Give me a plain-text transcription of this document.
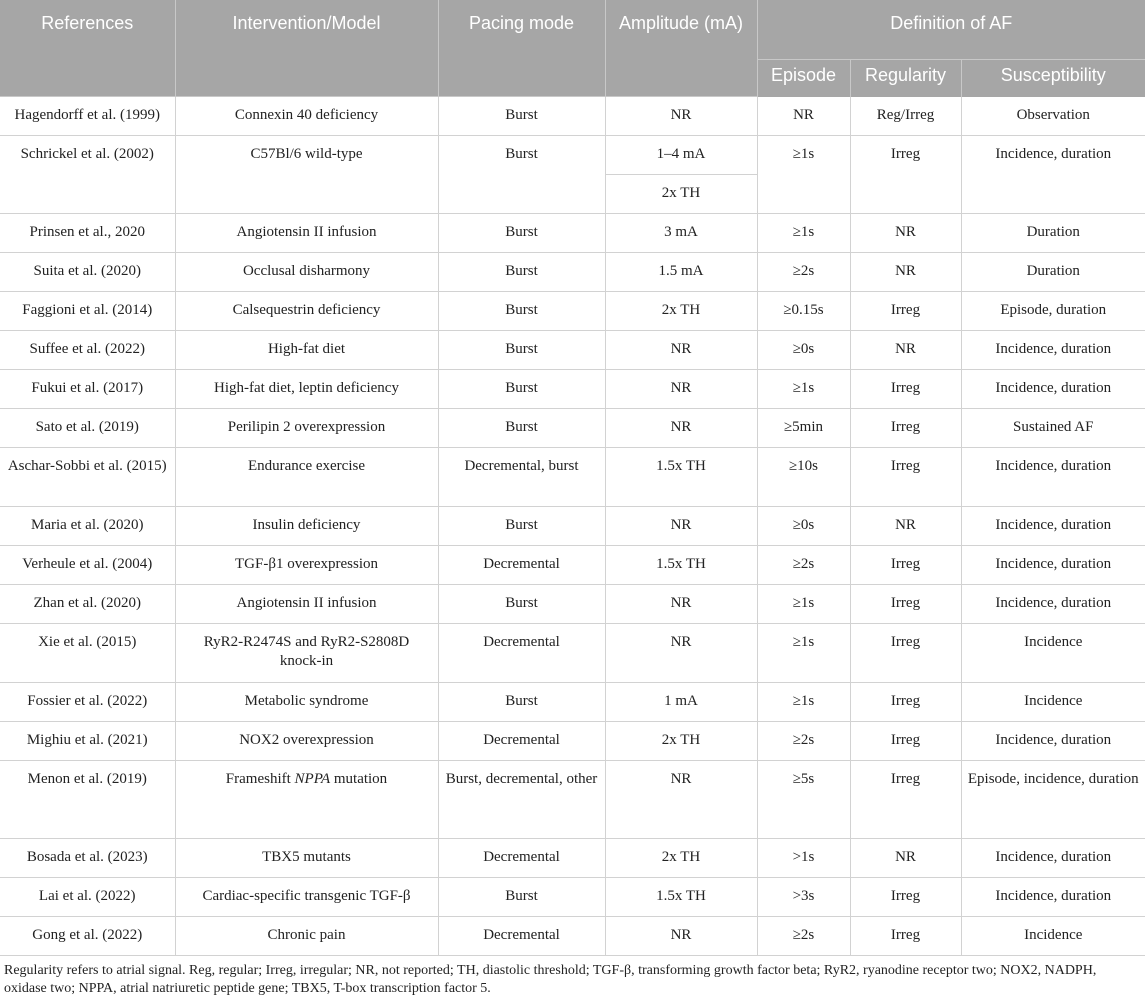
References	Intervention/Model	Pacing mode	Amplitude (mA)	Definition of AF		
				Episode	Regularity	Susceptibility
Hagendorff et al. (1999)	Connexin 40 deficiency	Burst	NR	NR	Reg/Irreg	Observation
Schrickel et al. (2002)	C57Bl/6 wild-type	Burst	1–4 mA	≥1s	Irreg	Incidence, duration
			2x TH			
Prinsen et al., 2020	Angiotensin II infusion	Burst	3 mA	≥1s	NR	Duration
Suita et al. (2020)	Occlusal disharmony	Burst	1.5 mA	≥2s	NR	Duration
Faggioni et al. (2014)	Calsequestrin deficiency	Burst	2x TH	≥0.15s	Irreg	Episode, duration
Suffee et al. (2022)	High-fat diet	Burst	NR	≥0s	NR	Incidence, duration
Fukui et al. (2017)	High-fat diet, leptin deficiency	Burst	NR	≥1s	Irreg	Incidence, duration
Sato et al. (2019)	Perilipin 2 overexpression	Burst	NR	≥5min	Irreg	Sustained AF
Aschar-Sobbi et al. (2015)	Endurance exercise	Decremental, burst	1.5x TH	≥10s	Irreg	Incidence, duration
Maria et al. (2020)	Insulin deficiency	Burst	NR	≥0s	NR	Incidence, duration
Verheule et al. (2004)	TGF-β1 overexpression	Decremental	1.5x TH	≥2s	Irreg	Incidence, duration
Zhan et al. (2020)	Angiotensin II infusion	Burst	NR	≥1s	Irreg	Incidence, duration
Xie et al. (2015)	RyR2-R2474S and RyR2-S2808D knock-in	Decremental	NR	≥1s	Irreg	Incidence
Fossier et al. (2022)	Metabolic syndrome	Burst	1 mA	≥1s	Irreg	Incidence
Mighiu et al. (2021)	NOX2 overexpression	Decremental	2x TH	≥2s	Irreg	Incidence, duration
Menon et al. (2019)	Frameshift NPPA mutation	Burst, decremental, other	NR	≥5s	Irreg	Episode, incidence, duration
Bosada et al. (2023)	TBX5 mutants	Decremental	2x TH	>1s	NR	Incidence, duration
Lai et al. (2022)	Cardiac-specific transgenic TGF-β	Burst	1.5x TH	>3s	Irreg	Incidence, duration
Gong et al. (2022)	Chronic pain	Decremental	NR	≥2s	Irreg	Incidence
Regularity refers to atrial signal. Reg, regular; Irreg, irregular; NR, not reported; TH, diastolic threshold; TGF-β, transforming growth factor beta; RyR2, ryanodine receptor two; NOX2, NADPH, oxidase two; NPPA, atrial natriuretic peptide gene; TBX5, T-box transcription factor 5.
